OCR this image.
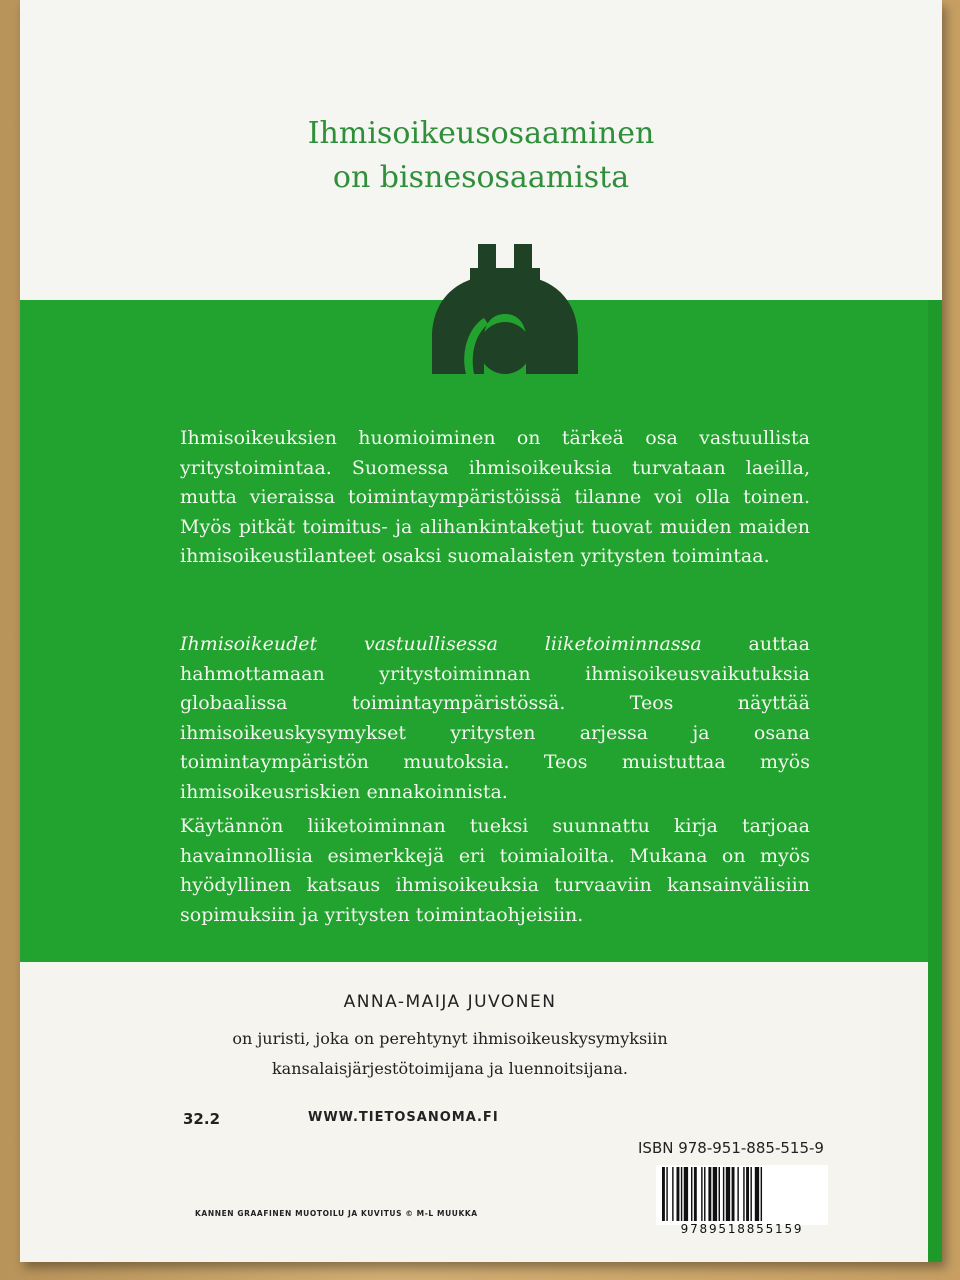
Ihmisoikeusosaaminen
on bisnesosaamista
Ihmisoikeuksien huomioiminen on tärkeä osa vastuullista yritystoimintaa. Suomessa ihmisoikeuksia turvataan laeilla, mutta vieraissa toimintaympäristöissä tilanne voi olla toinen. Myös pitkät toimitus- ja alihankintaketjut tuovat muiden maiden ihmisoikeustilanteet osaksi suomalaisten yritysten toimintaa.
Ihmisoikeudet vastuullisessa liiketoiminnassa auttaa hahmottamaan yritystoiminnan ihmisoikeusvaikutuksia globaalissa toimintaympäristössä. Teos näyttää ihmisoikeuskysymykset yritysten arjessa ja osana toimintaympäristön muutoksia. Teos muistuttaa myös ihmisoikeusriskien ennakoinnista.
Käytännön liiketoiminnan tueksi suunnattu kirja tarjoaa havainnollisia esimerkkejä eri toimialoilta. Mukana on myös hyödyllinen katsaus ihmisoikeuksia turvaaviin kansainvälisiin sopimuksiin ja yritysten toimintaohjeisiin.
ANNA-MAIJA JUVONEN
on juristi, joka on perehtynyt ihmisoikeuskysymyksiin
kansalaisjärjestötoimijana ja luennoitsijana.
32.2	WWW.TIETOSANOMA.FI
ISBN 978-951-885-515-9
9789518855159
KANNEN GRAAFINEN MUOTOILU JA KUVITUS © M-L MUUKKA
